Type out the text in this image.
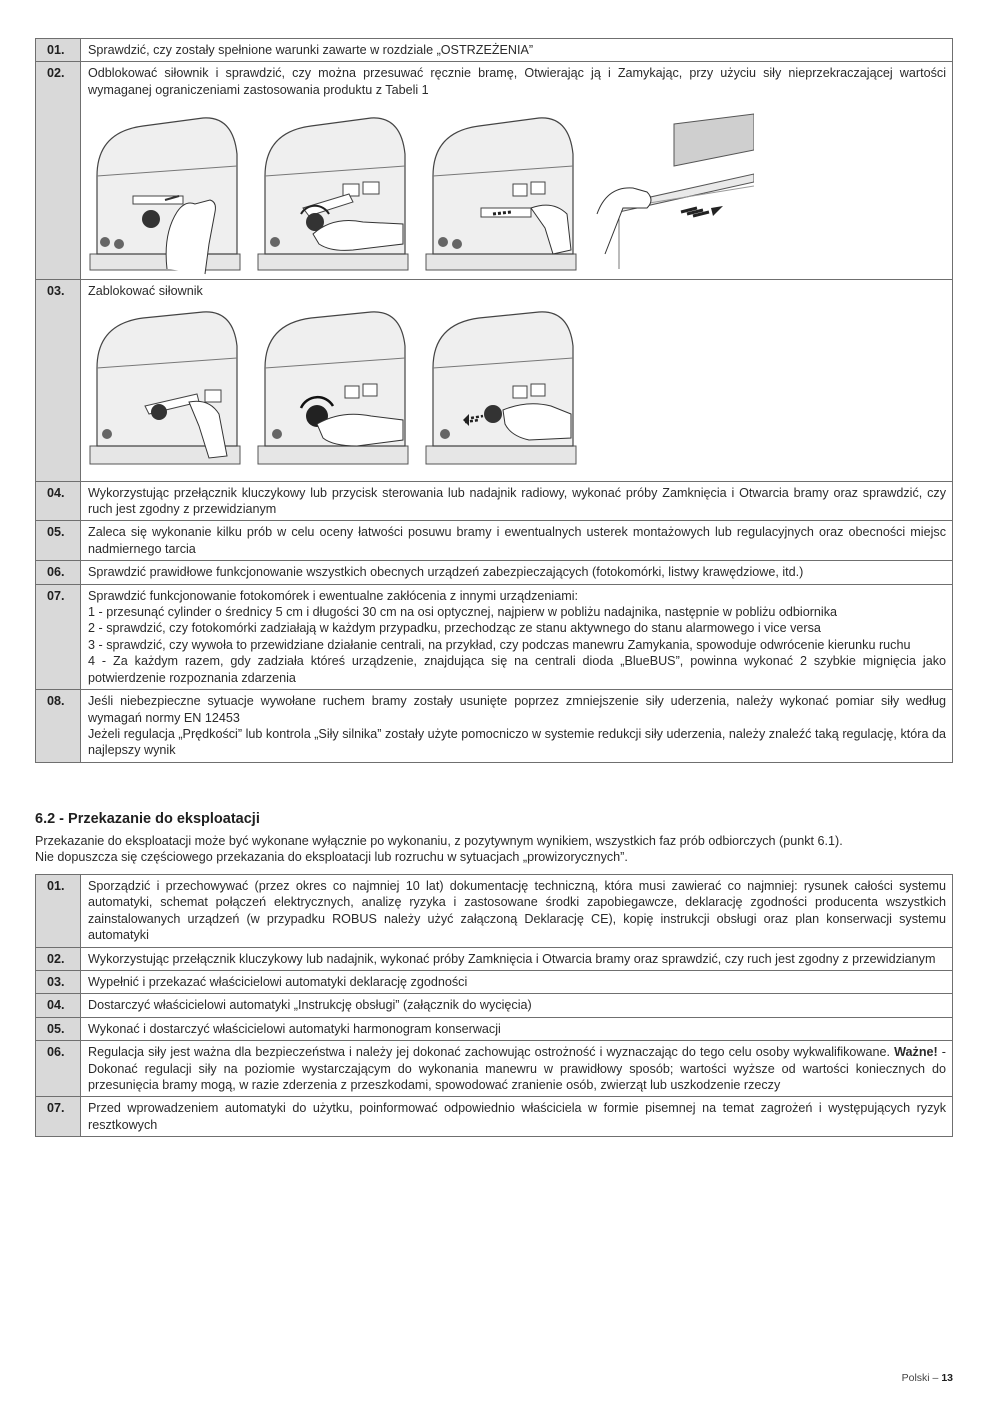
01.	Sprawdzić, czy zostały spełnione warunki zawarte w rozdziale „OSTRZEŻENIA”

02.	Odblokować siłownik i sprawdzić, czy można przesuwać ręcznie bramę, Otwierając ją i Zamykając, przy użyciu siły nieprzekraczającej wartości wymaganej ograniczeniami zastosowania produktu z Tabeli 1

03.	Zablokować siłownik

04.	Wykorzystując przełącznik kluczykowy lub przycisk sterowania lub nadajnik radiowy, wykonać próby Zamknięcia i Otwarcia bramy oraz sprawdzić, czy ruch jest zgodny z przewidzianym

05.	Zaleca się wykonanie kilku prób w celu oceny łatwości posuwu bramy i ewentualnych usterek montażowych lub regulacyjnych oraz obecności miejsc nadmiernego tarcia

06.	Sprawdzić prawidłowe funkcjonowanie wszystkich obecnych urządzeń zabezpieczających (fotokomórki, listwy krawędziowe, itd.)

07.	Sprawdzić funkcjonowanie fotokomórek i ewentualne zakłócenia z innymi urządzeniami:
1 - przesunąć cylinder o średnicy 5 cm i długości 30 cm na osi optycznej, najpierw w pobliżu nadajnika, następnie w pobliżu odbiornika
2 - sprawdzić, czy fotokomórki zadziałają w każdym przypadku, przechodząc ze stanu aktywnego do stanu alarmowego i vice versa
3 - sprawdzić, czy wywoła to przewidziane działanie centrali, na przykład, czy podczas manewru Zamykania, spowoduje odwrócenie kierunku ruchu
4 - Za każdym razem, gdy zadziała któreś urządzenie, znajdująca się na centrali dioda „BlueBUS”, powinna wykonać 2 szybkie mignięcia jako potwierdzenie rozpoznania zdarzenia

08.	Jeśli niebezpieczne sytuacje wywołane ruchem bramy zostały usunięte poprzez zmniejszenie siły uderzenia, należy wykonać pomiar siły według wymagań normy EN 12453
Jeżeli regulacja „Prędkości” lub kontrola „Siły silnika” zostały użyte pomocniczo w systemie redukcji siły uderzenia, należy znaleźć taką regulację, która da najlepszy wynik
6.2 - Przekazanie do eksploatacji
Przekazanie do eksploatacji może być wykonane wyłącznie po wykonaniu, z pozytywnym wynikiem, wszystkich faz prób odbiorczych (punkt 6.1).
Nie dopuszcza się częściowego przekazania do eksploatacji lub rozruchu w sytuacjach „prowizorycznych”.
01.	Sporządzić i przechowywać (przez okres co najmniej 10 lat) dokumentację techniczną, która musi zawierać co najmniej: rysunek całości systemu automatyki, schemat połączeń elektrycznych, analizę ryzyka i zastosowane środki zapobiegawcze, deklarację zgodności producenta wszystkich zainstalowanych urządzeń (w przypadku ROBUS należy użyć załączoną Deklarację CE), kopię instrukcji obsługi oraz plan konserwacji systemu automatyki
02.	Wykorzystując przełącznik kluczykowy lub nadajnik, wykonać próby Zamknięcia i Otwarcia bramy oraz sprawdzić, czy ruch jest zgodny z przewidzianym
03.	Wypełnić i przekazać właścicielowi automatyki deklarację zgodności
04.	Dostarczyć właścicielowi automatyki „Instrukcję obsługi” (załącznik do wycięcia)
05.	Wykonać i dostarczyć właścicielowi automatyki harmonogram konserwacji
06.	Regulacja siły jest ważna dla bezpieczeństwa i należy jej dokonać zachowując ostrożność i wyznaczając do tego celu osoby wykwalifikowane. Ważne! - Dokonać regulacji siły na poziomie wystarczającym do wykonania manewru w prawidłowy sposób; wartości wyższe od wartości koniecznych do przesunięcia bramy mogą, w razie zderzenia z przeszkodami, spowodować zranienie osób, zwierząt lub uszkodzenie rzeczy
07.	Przed wprowadzeniem automatyki do użytku, poinformować odpowiednio właściciela w formie pisemnej na temat zagrożeń i występujących ryzyk resztkowych
Polski – 13
